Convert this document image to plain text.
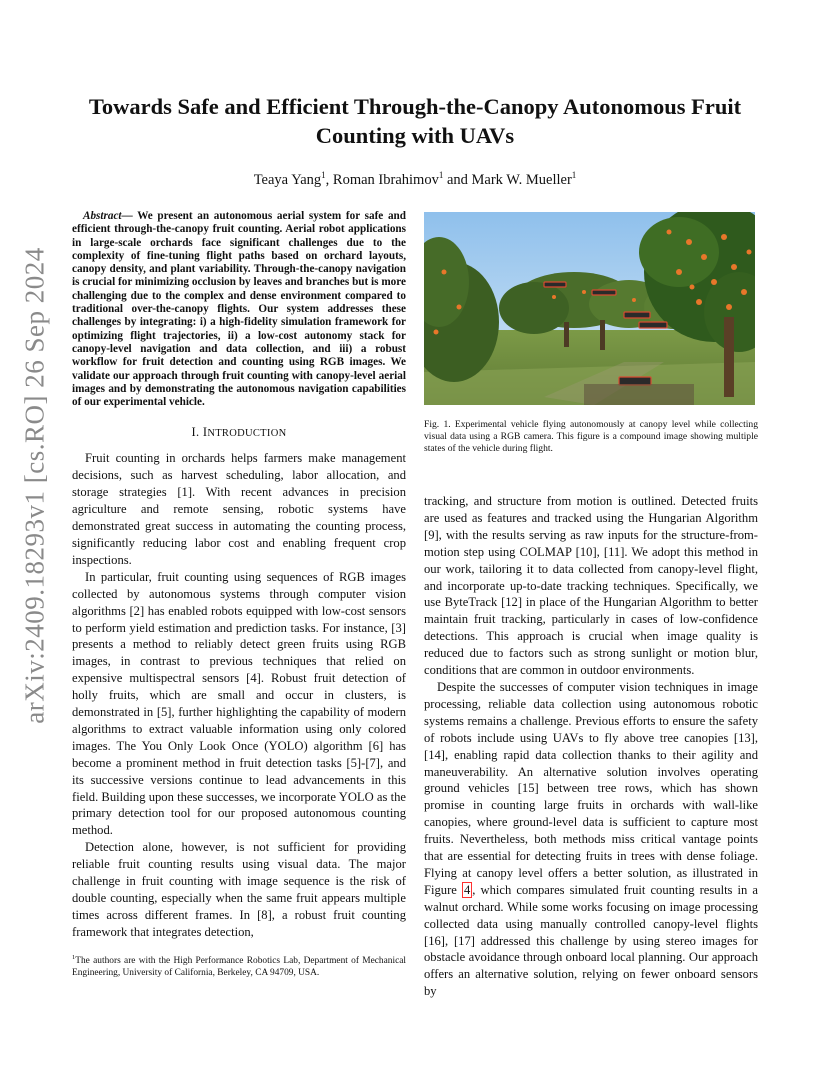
arXiv:2409.18293v1 [cs.RO] 26 Sep 2024
Towards Safe and Efficient Through-the-Canopy Autonomous Fruit Counting with UAVs
Teaya Yang$^1$, Roman Ibrahimov$^1$ and Mark W. Mueller$^1$

Abstract— We present an autonomous aerial system for safe and efficient through-the-canopy fruit counting. Aerial robot applications in large-scale orchards face significant challenges due to the complexity of fine-tuning flight paths based on orchard layouts, canopy density, and plant variability. Through-the-canopy navigation is crucial for minimizing occlusion by leaves and branches but is more challenging due to the complex and dense environment compared to traditional over-the-canopy flights. Our system addresses these challenges by integrating: i) a high-fidelity simulation framework for optimizing flight trajectories, ii) a low-cost autonomy stack for canopy-level navigation and data collection, and iii) a robust workflow for fruit detection and counting using RGB images. We validate our approach through fruit counting with canopy-level aerial images and by demonstrating the autonomous navigation capabilities of our experimental vehicle.

I. INTRODUCTION

Fruit counting in orchards helps farmers make management decisions, such as harvest scheduling, labor allocation, and storage strategies [1]. With recent advances in precision agriculture and remote sensing, robotic systems have demonstrated great success in automating the counting process, significantly reducing labor cost and enabling frequent crop inspections.

In particular, fruit counting using sequences of RGB images collected by autonomous systems through computer vision algorithms [2] has enabled robots equipped with low-cost sensors to perform yield estimation and prediction tasks. For instance, [3] presents a method to reliably detect green fruits using RGB images, in contrast to previous techniques that relied on expensive multispectral sensors [4]. Robust fruit detection of holly fruits, which are small and occur in clusters, is demonstrated in [5], further highlighting the capability of modern algorithms to extract valuable information using only colored images. The You Only Look Once (YOLO) algorithm [6] has become a prominent method in fruit detection tasks [5]-[7], and its successive versions continue to lead advancements in this field. Building upon these successes, we incorporate YOLO as the primary detection tool for our proposed autonomous counting method.

Detection alone, however, is not sufficient for providing reliable fruit counting results using visual data. The major challenge in fruit counting with image sequence is the risk of double counting, especially when the same fruit appears multiple times across different frames. In [8], a robust fruit counting framework that integrates detection,

Fig. 1. Experimental vehicle flying autonomously at canopy level while collecting visual data using a RGB camera. This figure is a compound image showing multiple states of the vehicle during flight.

tracking, and structure from motion is outlined. Detected fruits are used as features and tracked using the Hungarian Algorithm [9], with the results serving as raw inputs for the structure-from-motion step using COLMAP [10], [11]. We adopt this method in our work, tailoring it to data collected from canopy-level flight, and incorporate up-to-date tracking techniques. Specifically, we use ByteTrack [12] in place of the Hungarian Algorithm to better maintain fruit tracking, particularly in cases of low-confidence detections. This approach is crucial when image quality is reduced due to factors such as strong sunlight or motion blur, conditions that are common in outdoor environments.

Despite the successes of computer vision techniques in image processing, reliable data collection using autonomous robotic systems remains a challenge. Previous efforts to ensure the safety of robots include using UAVs to fly above tree canopies [13], [14], enabling rapid data collection thanks to their agility and maneuverability. An alternative solution involves operating ground vehicles [15] between tree rows, which has shown promise in counting large fruits in orchards with wall-like canopies, where ground-level data is sufficient to capture most fruits. Nevertheless, both methods miss critical vantage points that are essential for detecting fruits in trees with dense foliage. Flying at canopy level offers a better solution, as illustrated in Figure 4 , which compares simulated fruit counting results in a walnut orchard. While some works focusing on image processing collected data using manually controlled canopy-level flights [16], [17] addressed this challenge by using stereo images for obstacle avoidance through onboard local planning. Our approach offers an alternative solution, relying on fewer onboard sensors by

$^1$The authors are with the High Performance Robotics Lab, Department of Mechanical Engineering, University of California, Berkeley, CA 94709, USA.
